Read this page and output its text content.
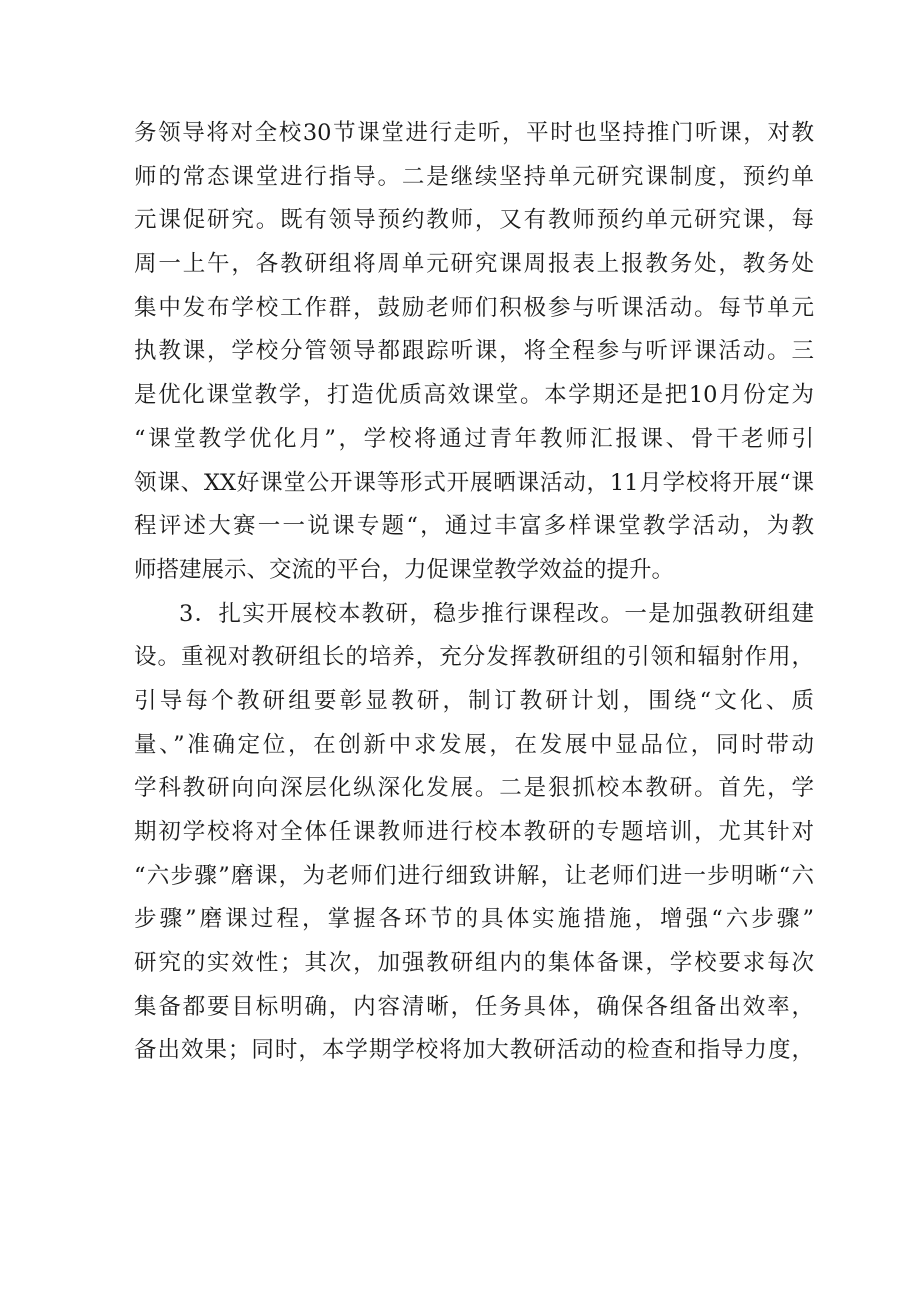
务领导将对全校30节课堂进行走听，平时也坚持推门听课，对教
师的常态课堂进行指导。二是继续坚持单元研究课制度，预约单
元课促研究。既有领导预约教师，又有教师预约单元研究课，每
周一上午，各教研组将周单元研究课周报表上报教务处，教务处
集中发布学校工作群，鼓励老师们积极参与听课活动。每节单元
执教课，学校分管领导都跟踪听课，将全程参与听评课活动。三
是优化课堂教学，打造优质高效课堂。本学期还是把10月份定为
“课堂教学优化月”，学校将通过青年教师汇报课、骨干老师引
领课、XX好课堂公开课等形式开展晒课活动，11月学校将开展“课
程评述大赛一一说课专题“，通过丰富多样课堂教学活动，为教
师搭建展示、交流的平台，力促课堂教学效益的提升。
3．扎实开展校本教研，稳步推行课程改。一是加强教研组建
设。重视对教研组长的培养，充分发挥教研组的引领和辐射作用，
引导每个教研组要彰显教研，制订教研计划，围绕“文化、质
量、”准确定位，在创新中求发展，在发展中显品位，同时带动
学科教研向向深层化纵深化发展。二是狠抓校本教研。首先，学
期初学校将对全体任课教师进行校本教研的专题培训，尤其针对
“六步骤”磨课，为老师们进行细致讲解，让老师们进一步明晰“六
步骤”磨课过程，掌握各环节的具体实施措施，增强“六步骤”
研究的实效性；其次，加强教研组内的集体备课，学校要求每次
集备都要目标明确，内容清晰，任务具体，确保各组备出效率，
备出效果；同时，本学期学校将加大教研活动的检查和指导力度，
